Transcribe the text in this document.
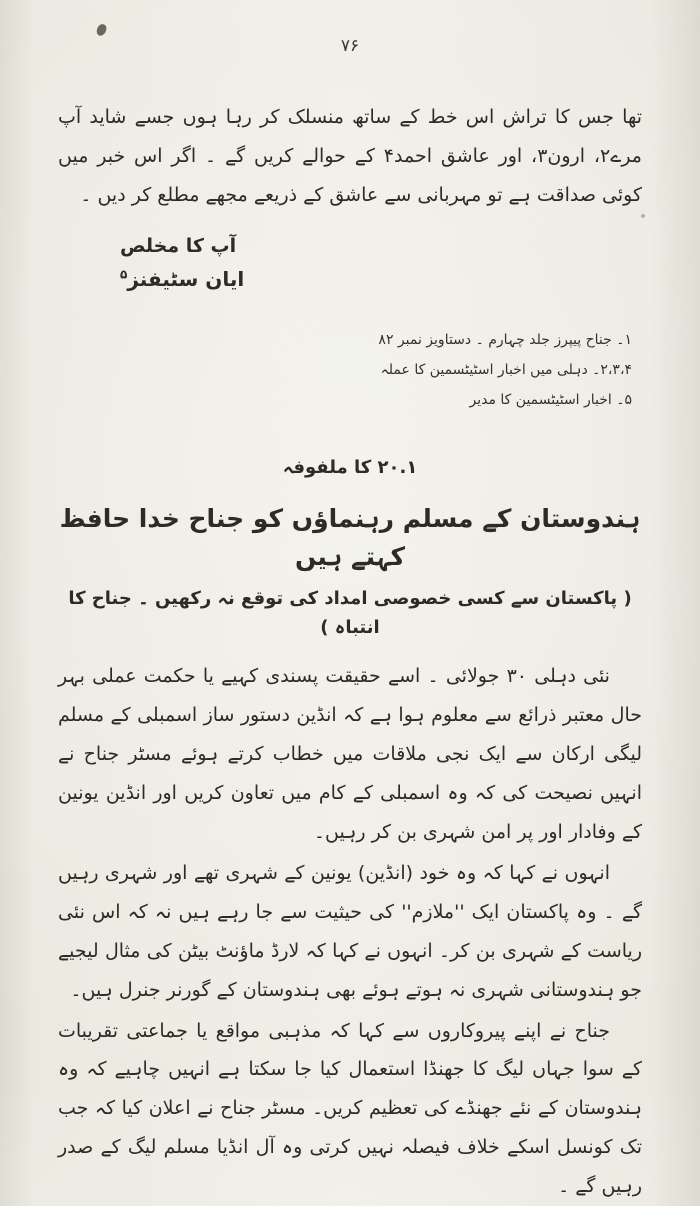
۷۶

تھا جس کا تراش اس خط کے ساتھ منسلک کر رہا ہوں جسے شاید آپ مرے۲، ارون۳، اور عاشق احمد۴ کے حوالے کریں گے ۔ اگر اس خبر میں کوئی صداقت ہے تو مہربانی سے عاشق کے ذریعے مجھے مطلع کر دیں ۔

آپ کا مخلص
ایان سٹیفنز$^۵$
۱۔ جناح پیپرز جلد چہارم ۔ دستاویز نمبر ۸۲
۲،۳،۴۔ دہلی میں اخبار اسٹیٹسمین کا عملہ
۵۔ اخبار اسٹیٹسمین کا مدیر
۲۰.۱ کا ملفوفہ
ہندوستان کے مسلم رہنماؤں کو جناح خدا حافظ کہتے ہیں
( پاکستان سے کسی خصوصی امداد کی توقع نہ رکھیں ۔ جناح کا انتباہ )

نئی دہلی ۳۰ جولائی ۔ اسے حقیقت پسندی کہیے یا حکمت عملی بہر حال معتبر ذرائع سے معلوم ہوا ہے کہ انڈین دستور ساز اسمبلی کے مسلم لیگی ارکان سے ایک نجی ملاقات میں خطاب کرتے ہوئے مسٹر جناح نے انہیں نصیحت کی کہ وہ اسمبلی کے کام میں تعاون کریں اور انڈین یونین کے وفادار اور پر امن شہری بن کر رہیں۔

انہوں نے کہا کہ وہ خود (انڈین) یونین کے شہری تھے اور شہری رہیں گے ۔ وہ پاکستان ایک ''ملازم'' کی حیثیت سے جا رہے ہیں نہ کہ اس نئی ریاست کے شہری بن کر۔ انہوں نے کہا کہ لارڈ ماؤنٹ بیٹن کی مثال لیجیے جو ہندوستانی شہری نہ ہوتے ہوئے بھی ہندوستان کے گورنر جنرل ہیں۔

جناح نے اپنے پیروکاروں سے کہا کہ مذہبی مواقع یا جماعتی تقریبات کے سوا جہاں لیگ کا جھنڈا استعمال کیا جا سکتا ہے انہیں چاہیے کہ وہ ہندوستان کے نئے جھنڈے کی تعظیم کریں۔ مسٹر جناح نے اعلان کیا کہ جب تک کونسل اسکے خلاف فیصلہ نہیں کرتی وہ آل انڈیا مسلم لیگ کے صدر رہیں گے ۔
